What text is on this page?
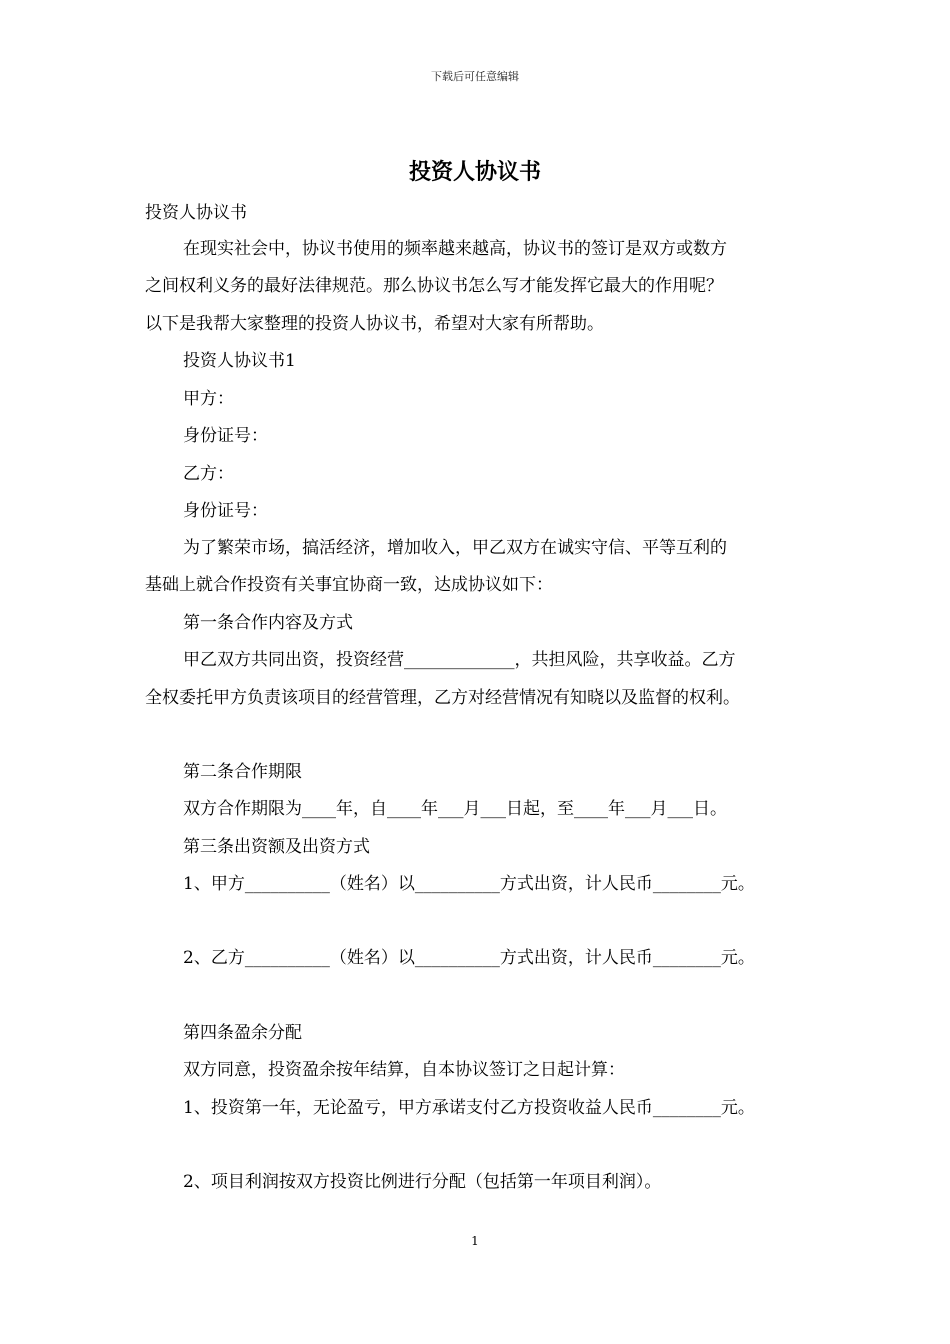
下载后可任意编辑
投资人协议书
投资人协议书
在现实社会中，协议书使用的频率越来越高，协议书的签订是双方或数方
之间权利义务的最好法律规范。那么协议书怎么写才能发挥它最大的作用呢？
以下是我帮大家整理的投资人协议书，希望对大家有所帮助。
投资人协议书1
甲方：
身份证号：
乙方：
身份证号：
为了繁荣市场，搞活经济，增加收入，甲乙双方在诚实守信、平等互利的
基础上就合作投资有关事宜协商一致，达成协议如下：
第一条合作内容及方式
甲乙双方共同出资，投资经营_____________，共担风险，共享收益。乙方
全权委托甲方负责该项目的经营管理，乙方对经营情况有知晓以及监督的权利。
第二条合作期限
双方合作期限为____年，自____年___月___日起，至____年___月___日。
第三条出资额及出资方式
1、甲方__________（姓名）以__________方式出资，计人民币________元。
2、乙方__________（姓名）以__________方式出资，计人民币________元。
第四条盈余分配
双方同意，投资盈余按年结算，自本协议签订之日起计算：
1、投资第一年，无论盈亏，甲方承诺支付乙方投资收益人民币________元。
2、项目利润按双方投资比例进行分配（包括第一年项目利润）。
1
